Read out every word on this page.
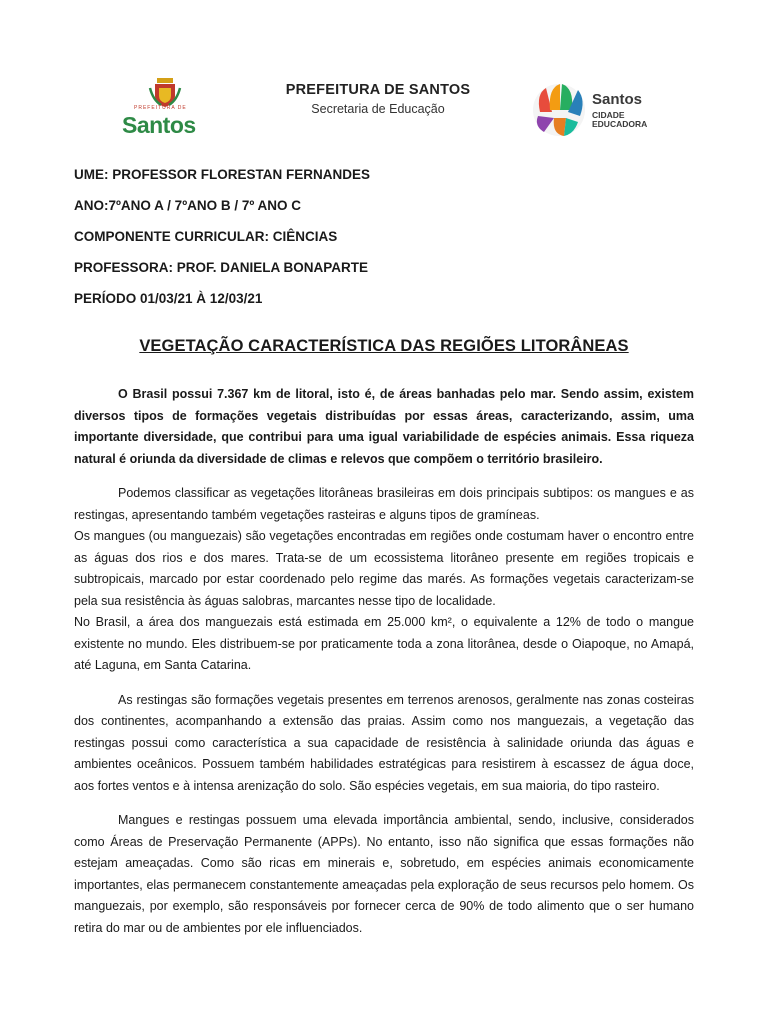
PREFEITURA DE
Santos
PREFEITURA DE SANTOS
Secretaria de Educação
Santos
CIDADE
EDUCADORA
UME: PROFESSOR FLORESTAN FERNANDES
ANO:7ºANO A / 7ºANO B / 7º ANO C
COMPONENTE CURRICULAR: CIÊNCIAS
PROFESSORA: PROF. DANIELA BONAPARTE
PERÍODO 01/03/21 À 12/03/21
VEGETAÇÃO CARACTERÍSTICA DAS REGIÕES LITORÂNEAS

O Brasil possui 7.367 km de litoral, isto é, de áreas banhadas pelo mar. Sendo assim, existem diversos tipos de formações vegetais distribuídas por essas áreas, caracterizando, assim, uma importante diversidade, que contribui para uma igual variabilidade de espécies animais. Essa riqueza natural é oriunda da diversidade de climas e relevos que compõem o território brasileiro.

Podemos classificar as vegetações litorâneas brasileiras em dois principais subtipos: os mangues e as restingas, apresentando também vegetações rasteiras e alguns tipos de gramíneas.

Os mangues (ou manguezais) são vegetações encontradas em regiões onde costumam haver o encontro entre as águas dos rios e dos mares. Trata-se de um ecossistema litorâneo presente em regiões tropicais e subtropicais, marcado por estar coordenado pelo regime das marés. As formações vegetais caracterizam-se pela sua resistência às águas salobras, marcantes nesse tipo de localidade.

No Brasil, a área dos manguezais está estimada em 25.000 km², o equivalente a 12% de todo o mangue existente no mundo. Eles distribuem-se por praticamente toda a zona litorânea, desde o Oiapoque, no Amapá, até Laguna, em Santa Catarina.

As restingas são formações vegetais presentes em terrenos arenosos, geralmente nas zonas costeiras dos continentes, acompanhando a extensão das praias. Assim como nos manguezais, a vegetação das restingas possui como característica a sua capacidade de resistência à salinidade oriunda das águas e ambientes oceânicos. Possuem também habilidades estratégicas para resistirem à escassez de água doce, aos fortes ventos e à intensa arenização do solo. São espécies vegetais, em sua maioria, do tipo rasteiro.

Mangues e restingas possuem uma elevada importância ambiental, sendo, inclusive, considerados como Áreas de Preservação Permanente (APPs). No entanto, isso não significa que essas formações não estejam ameaçadas. Como são ricas em minerais e, sobretudo, em espécies animais economicamente importantes, elas permanecem constantemente ameaçadas pela exploração de seus recursos pelo homem. Os manguezais, por exemplo, são responsáveis por fornecer cerca de 90% de todo alimento que o ser humano retira do mar ou de ambientes por ele influenciados.
